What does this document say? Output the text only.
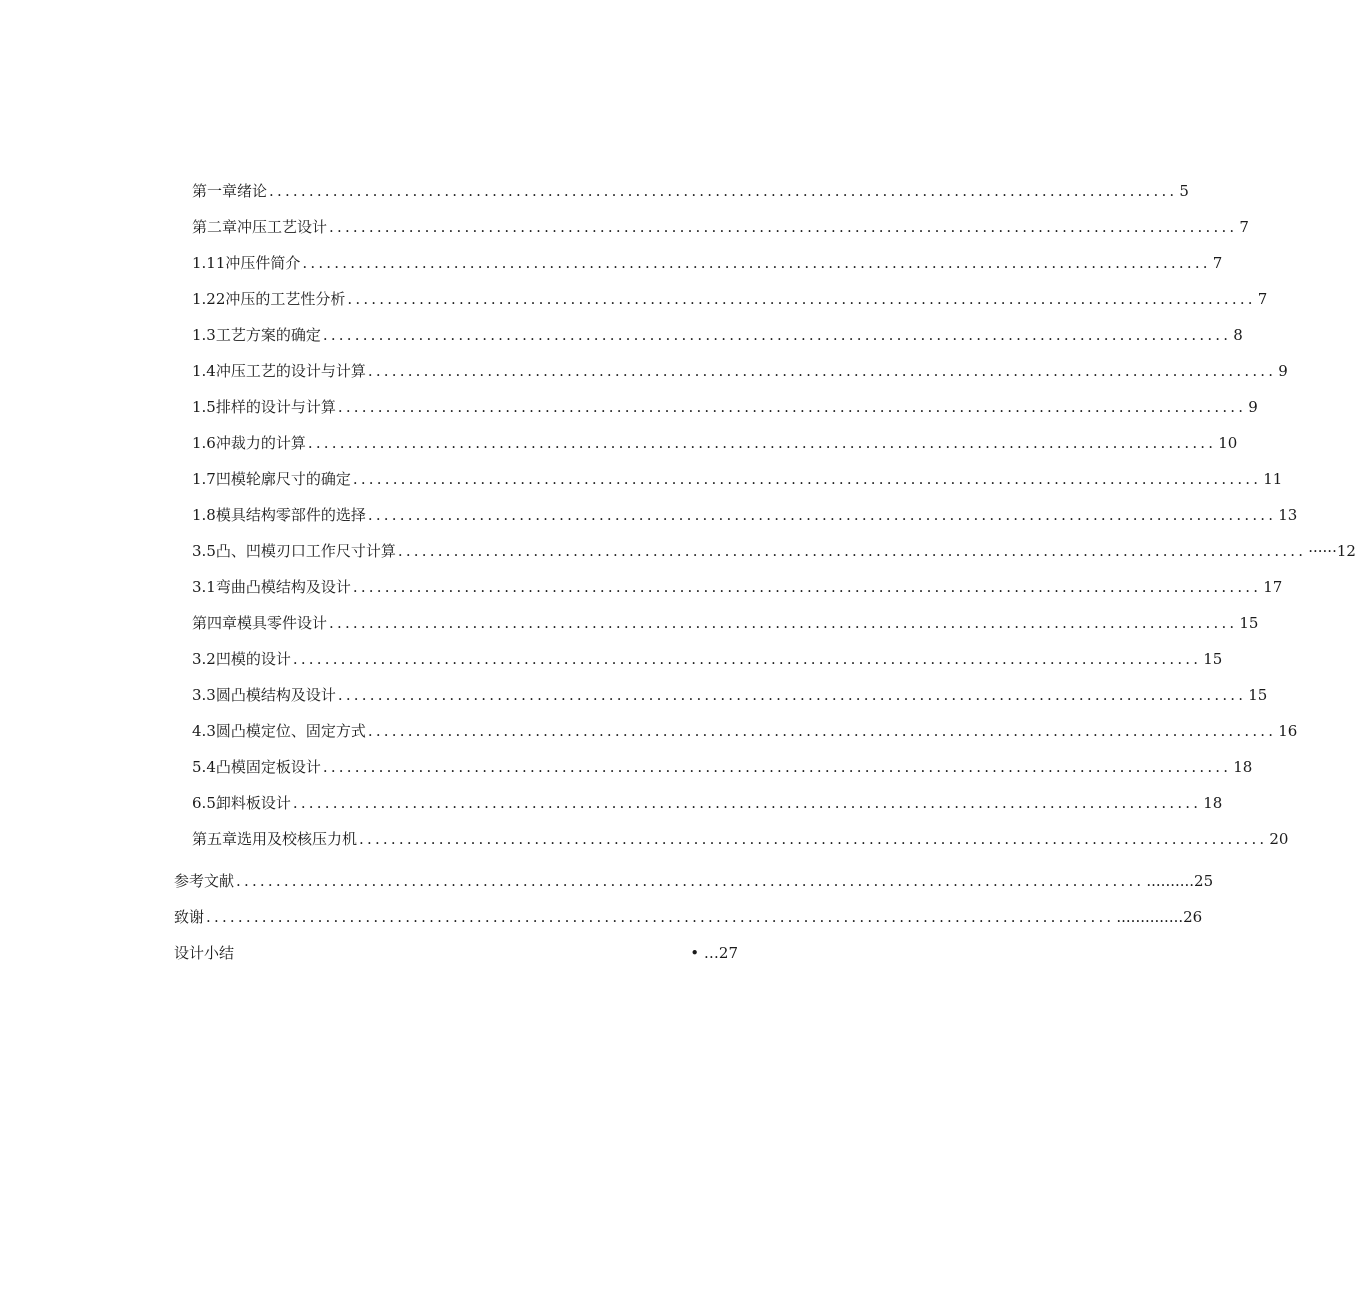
第一章绪论 .................................................................................................................. 5
第二章冲压工艺设计 .................................................................................................................. 7
1.1 1冲压件简介 .................................................................................................................. 7
1.2 2冲压的工艺性分析 .................................................................................................................. 7
1.3 工艺方案的确定 .................................................................................................................. 8
1.4 冲压工艺的设计与计算 .................................................................................................................. 9
1.5 排样的设计与计算 .................................................................................................................. 9
1.6 冲裁力的计算 .................................................................................................................. 10
1.7 凹模轮廓尺寸的确定 .................................................................................................................. 11
1.8 模具结构零部件的选择 .................................................................................................................. 13
3 .5凸、凹模刃口工作尺寸计算 .................................................................................................................. ······12
3.1 弯曲凸模结构及设计 .................................................................................................................. 17
第四章模具零件设计 .................................................................................................................. 15
3.2 凹模的设计 .................................................................................................................. 15
3.3 圆凸模结构及设计 .................................................................................................................. 15
4 .3圆凸模定位、固定方式 .................................................................................................................. 16
5 .4凸模固定板设计 .................................................................................................................. 18
6 .5卸料板设计 .................................................................................................................. 18
第五章选用及校核压力机 .................................................................................................................. 20
参考文献 .................................................................................................................. ..........25
致谢 .................................................................................................................. ..............26
设计小结	• …27
